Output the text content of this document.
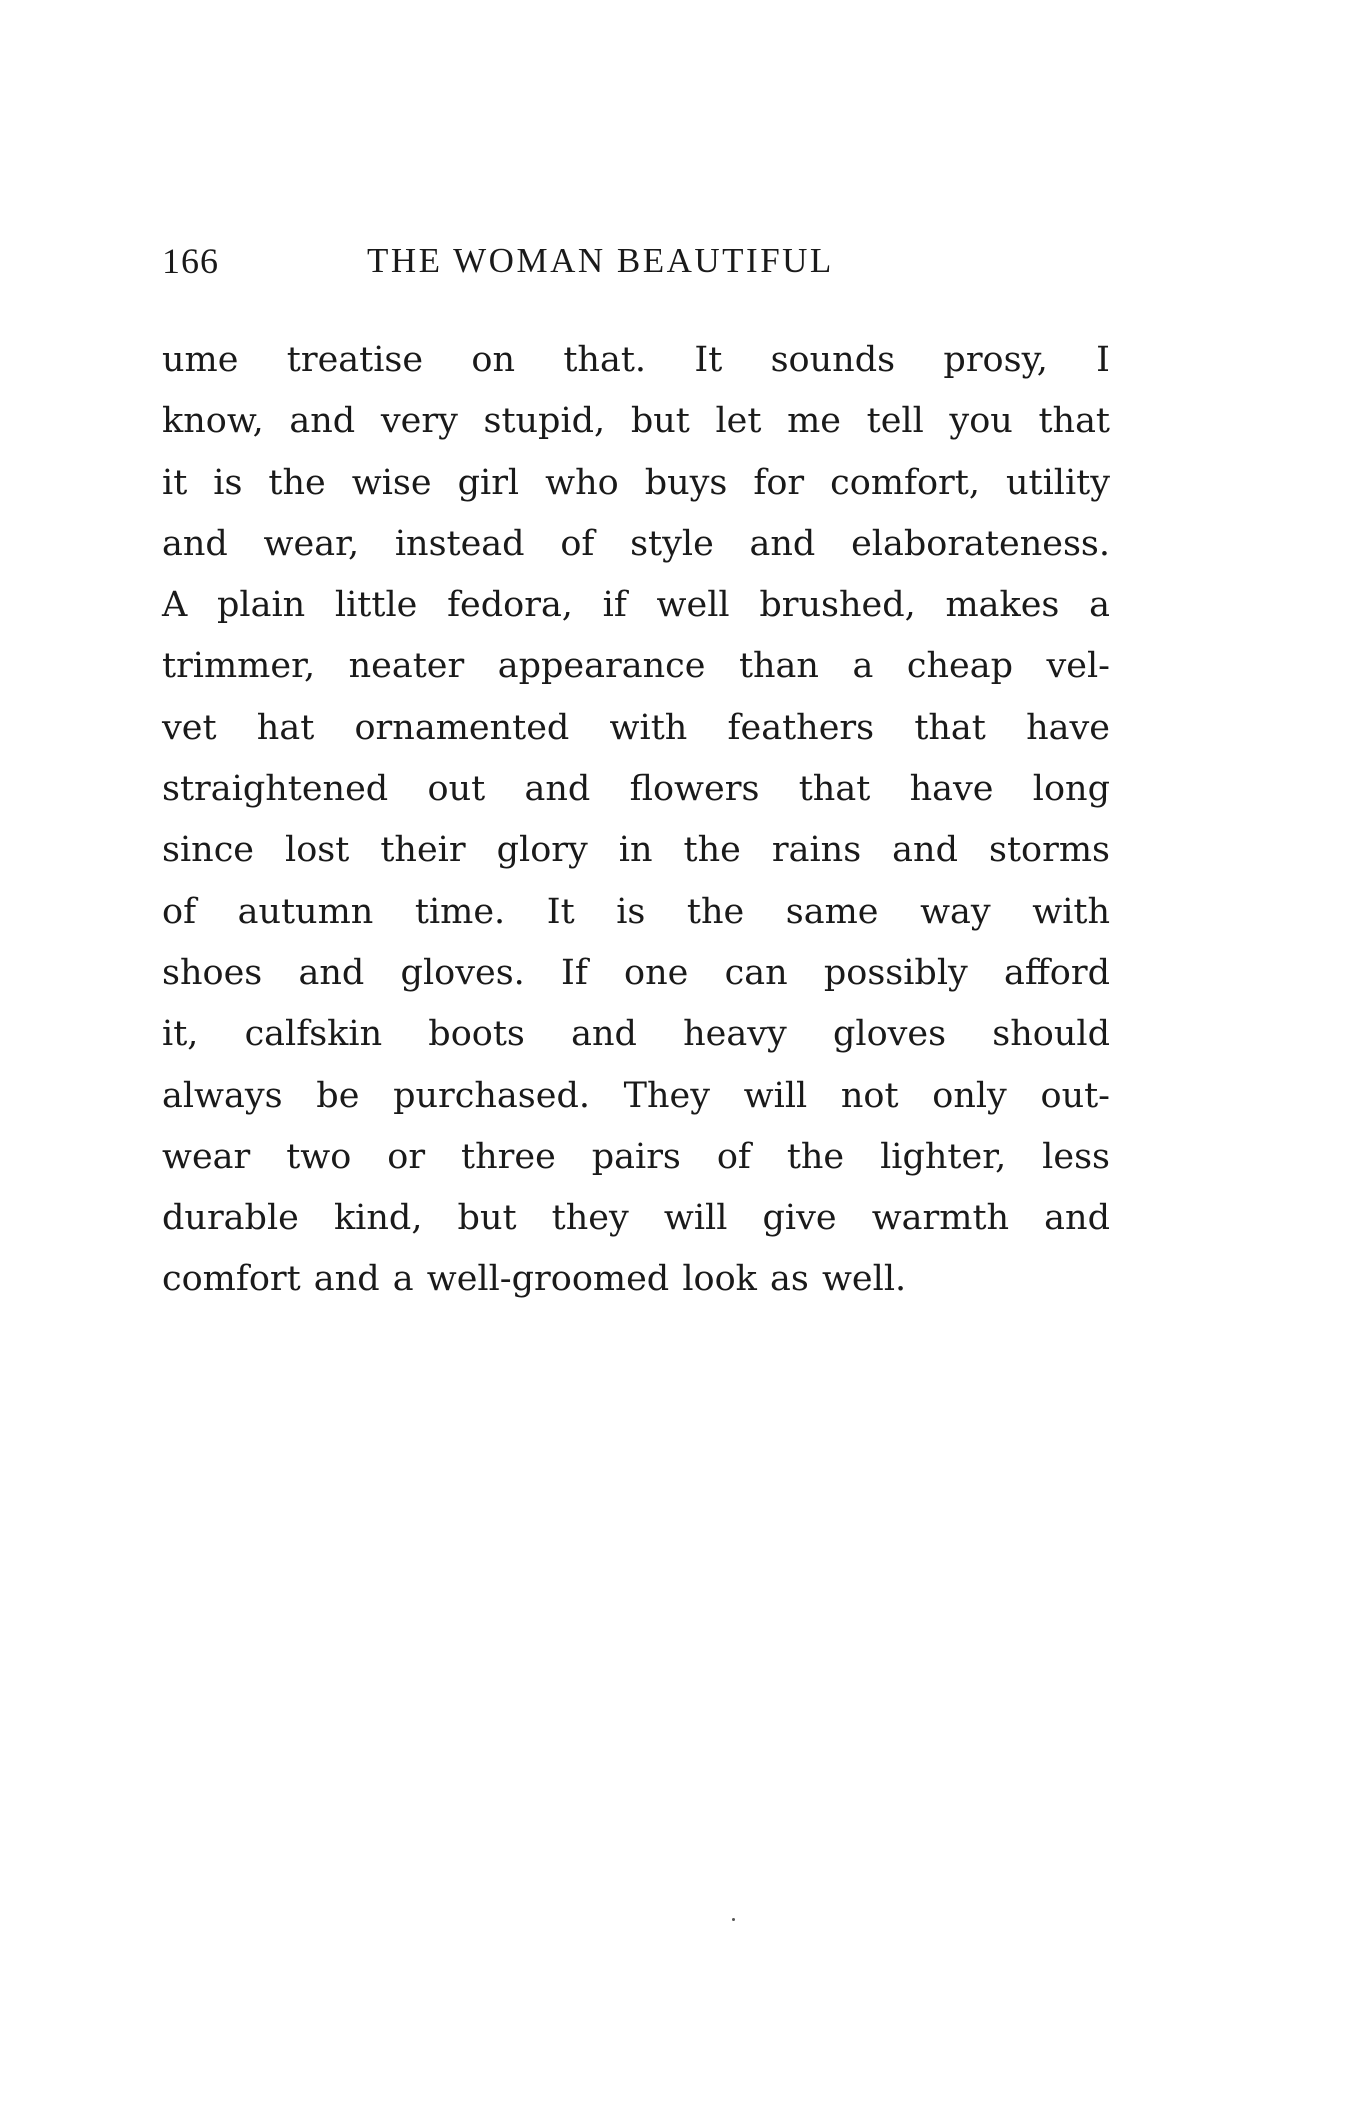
166	THE WOMAN BEAUTIFUL
ume treatise on that. It sounds prosy, I
know, and very stupid, but let me tell you that
it is the wise girl who buys for comfort, utility
and wear, instead of style and elaborateness.
A plain little fedora, if well brushed, makes a
trimmer, neater appearance than a cheap vel-
vet hat ornamented with feathers that have
straightened out and flowers that have long
since lost their glory in the rains and storms
of autumn time. It is the same way with
shoes and gloves. If one can possibly afford
it, calfskin boots and heavy gloves should
always be purchased. They will not only out-
wear two or three pairs of the lighter, less
durable kind, but they will give warmth and
comfort and a well-groomed look as well.
